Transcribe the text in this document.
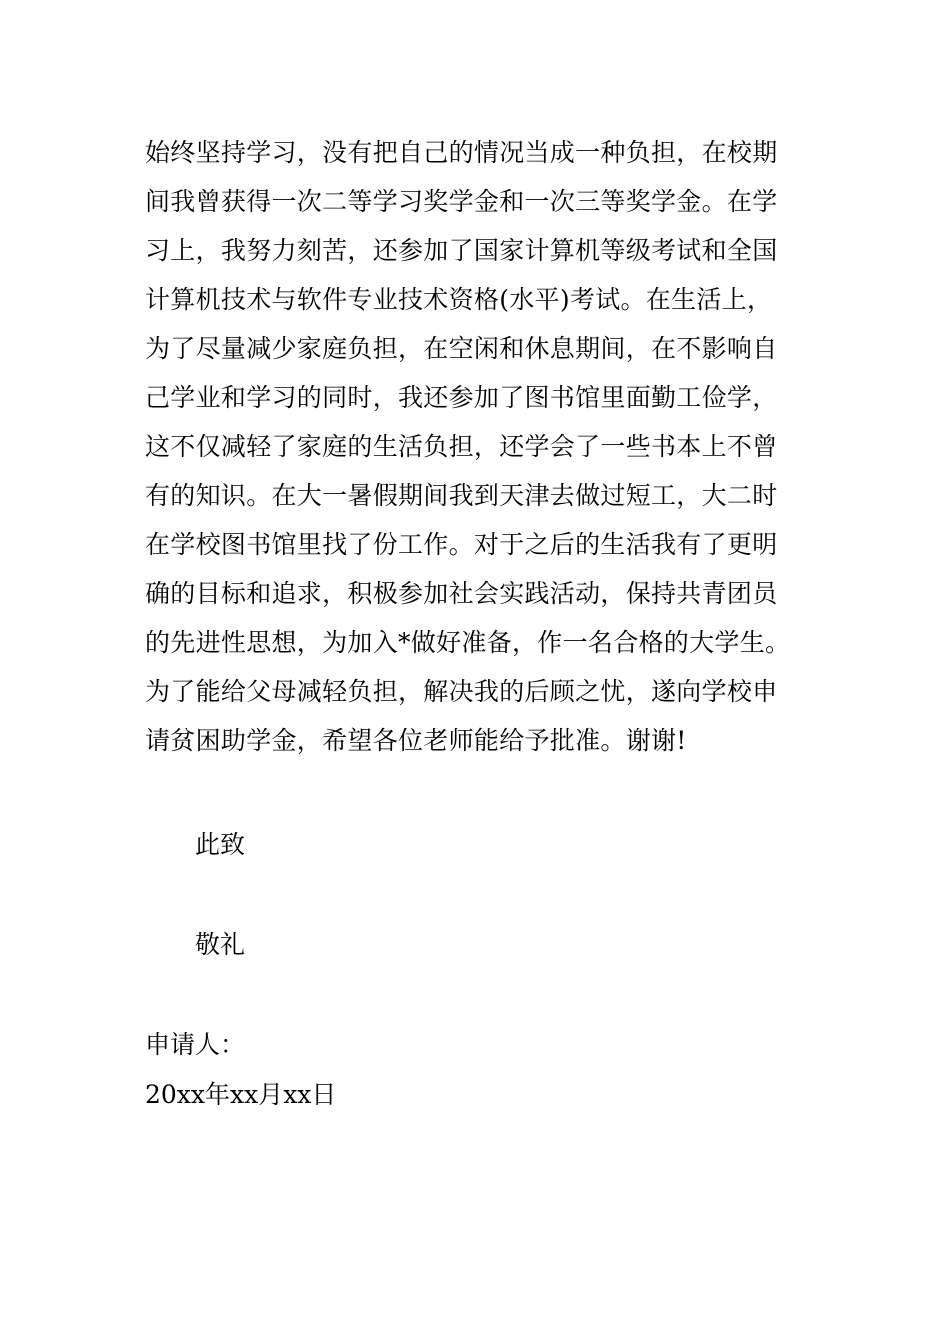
始终坚持学习，没有把自己的情况当成一种负担，在校期
间我曾获得一次二等学习奖学金和一次三等奖学金。在学
习上，我努力刻苦，还参加了国家计算机等级考试和全国
计算机技术与软件专业技术资格(水平)考试。在生活上，
为了尽量减少家庭负担，在空闲和休息期间，在不影响自
己学业和学习的同时，我还参加了图书馆里面勤工俭学，
这不仅减轻了家庭的生活负担，还学会了一些书本上不曾
有的知识。在大一暑假期间我到天津去做过短工，大二时
在学校图书馆里找了份工作。对于之后的生活我有了更明
确的目标和追求，积极参加社会实践活动，保持共青团员
的先进性思想，为加入*做好准备，作一名合格的大学生。
为了能给父母减轻负担，解决我的后顾之忧，遂向学校申
请贫困助学金，希望各位老师能给予批准。谢谢!
此致
敬礼
申请人：
20xx年xx月xx日
